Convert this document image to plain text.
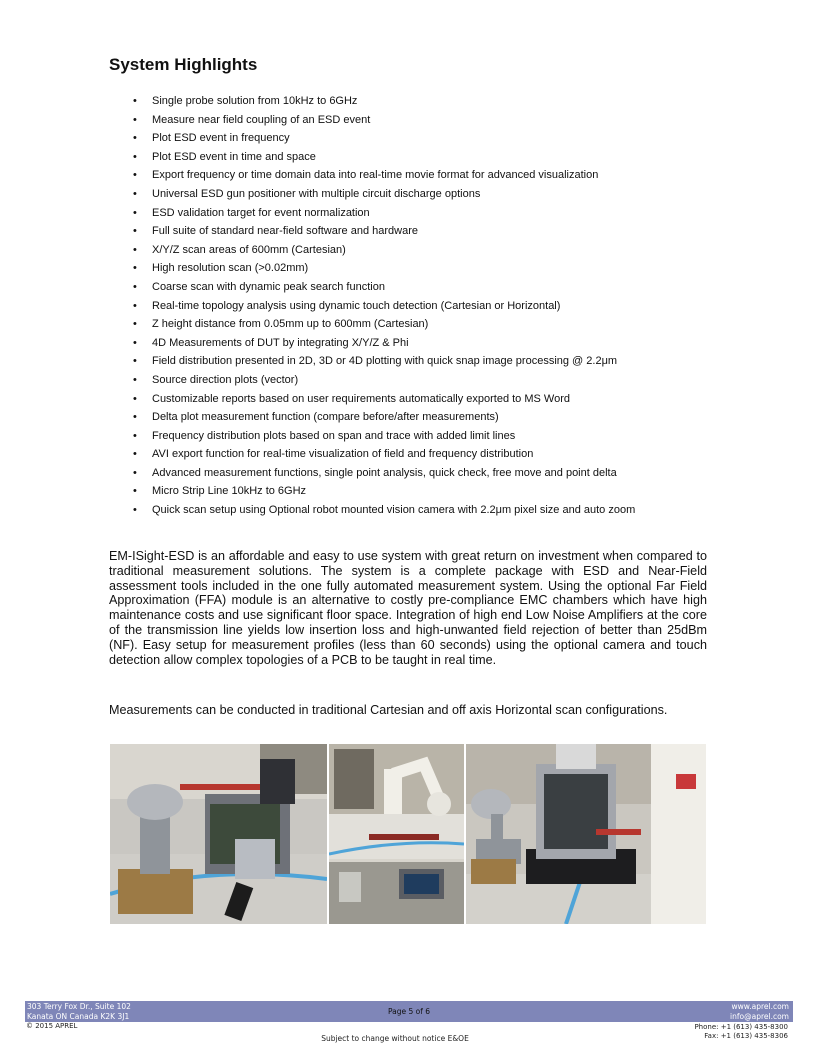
System Highlights
• Single probe solution from 10kHz to 6GHz
• Measure near field coupling of an ESD event
• Plot ESD event in frequency
• Plot ESD event in time and space
• Export frequency or time domain data into real-time movie format for advanced visualization
• Universal ESD gun positioner with multiple circuit discharge options
• ESD validation target for event normalization
• Full suite of standard near-field software and hardware
• X/Y/Z scan areas of 600mm (Cartesian)
• High resolution scan (>0.02mm)
• Coarse scan with dynamic peak search function
• Real-time topology analysis using dynamic touch detection (Cartesian or Horizontal)
• Z height distance from 0.05mm up to 600mm (Cartesian)
• 4D Measurements of DUT by integrating X/Y/Z & Phi
• Field distribution presented in 2D, 3D or 4D plotting with quick snap image processing @ 2.2μm
• Source direction plots (vector)
• Customizable reports based on user requirements automatically exported to MS Word
• Delta plot measurement function (compare before/after measurements)
• Frequency distribution plots based on span and trace with added limit lines
• AVI export function for real-time visualization of field and frequency distribution
• Advanced measurement functions, single point analysis, quick check, free move and point delta
• Micro Strip Line 10kHz to 6GHz
• Quick scan setup using Optional robot mounted vision camera with 2.2μm pixel size and auto zoom

EM-ISight-ESD is an affordable and easy to use system with great return on investment when compared to traditional measurement solutions. The system is a complete package with ESD and Near-Field assessment tools included in the one fully automated measurement system. Using the optional Far Field Approximation (FFA) module is an alternative to costly pre-compliance EMC chambers which have high maintenance costs and use significant floor space. Integration of high end Low Noise Amplifiers at the core of the transmission line yields low insertion loss and high-unwanted field rejection of better than 25dBm (NF). Easy setup for measurement profiles (less than 60 seconds) using the optional camera and touch detection allow complex topologies of a PCB to be taught in real time.

Measurements can be conducted in traditional Cartesian and off axis Horizontal scan configurations.

303 Terry Fox Dr., Suite 102
Kanata ON Canada K2K 3J1	Page 5 of 6
www.aprel.com
info@aprel.com
© 2015 APREL	Phone: +1 (613) 435-8300
Fax: +1 (613) 435-8306
Subject to change without notice E&OE
